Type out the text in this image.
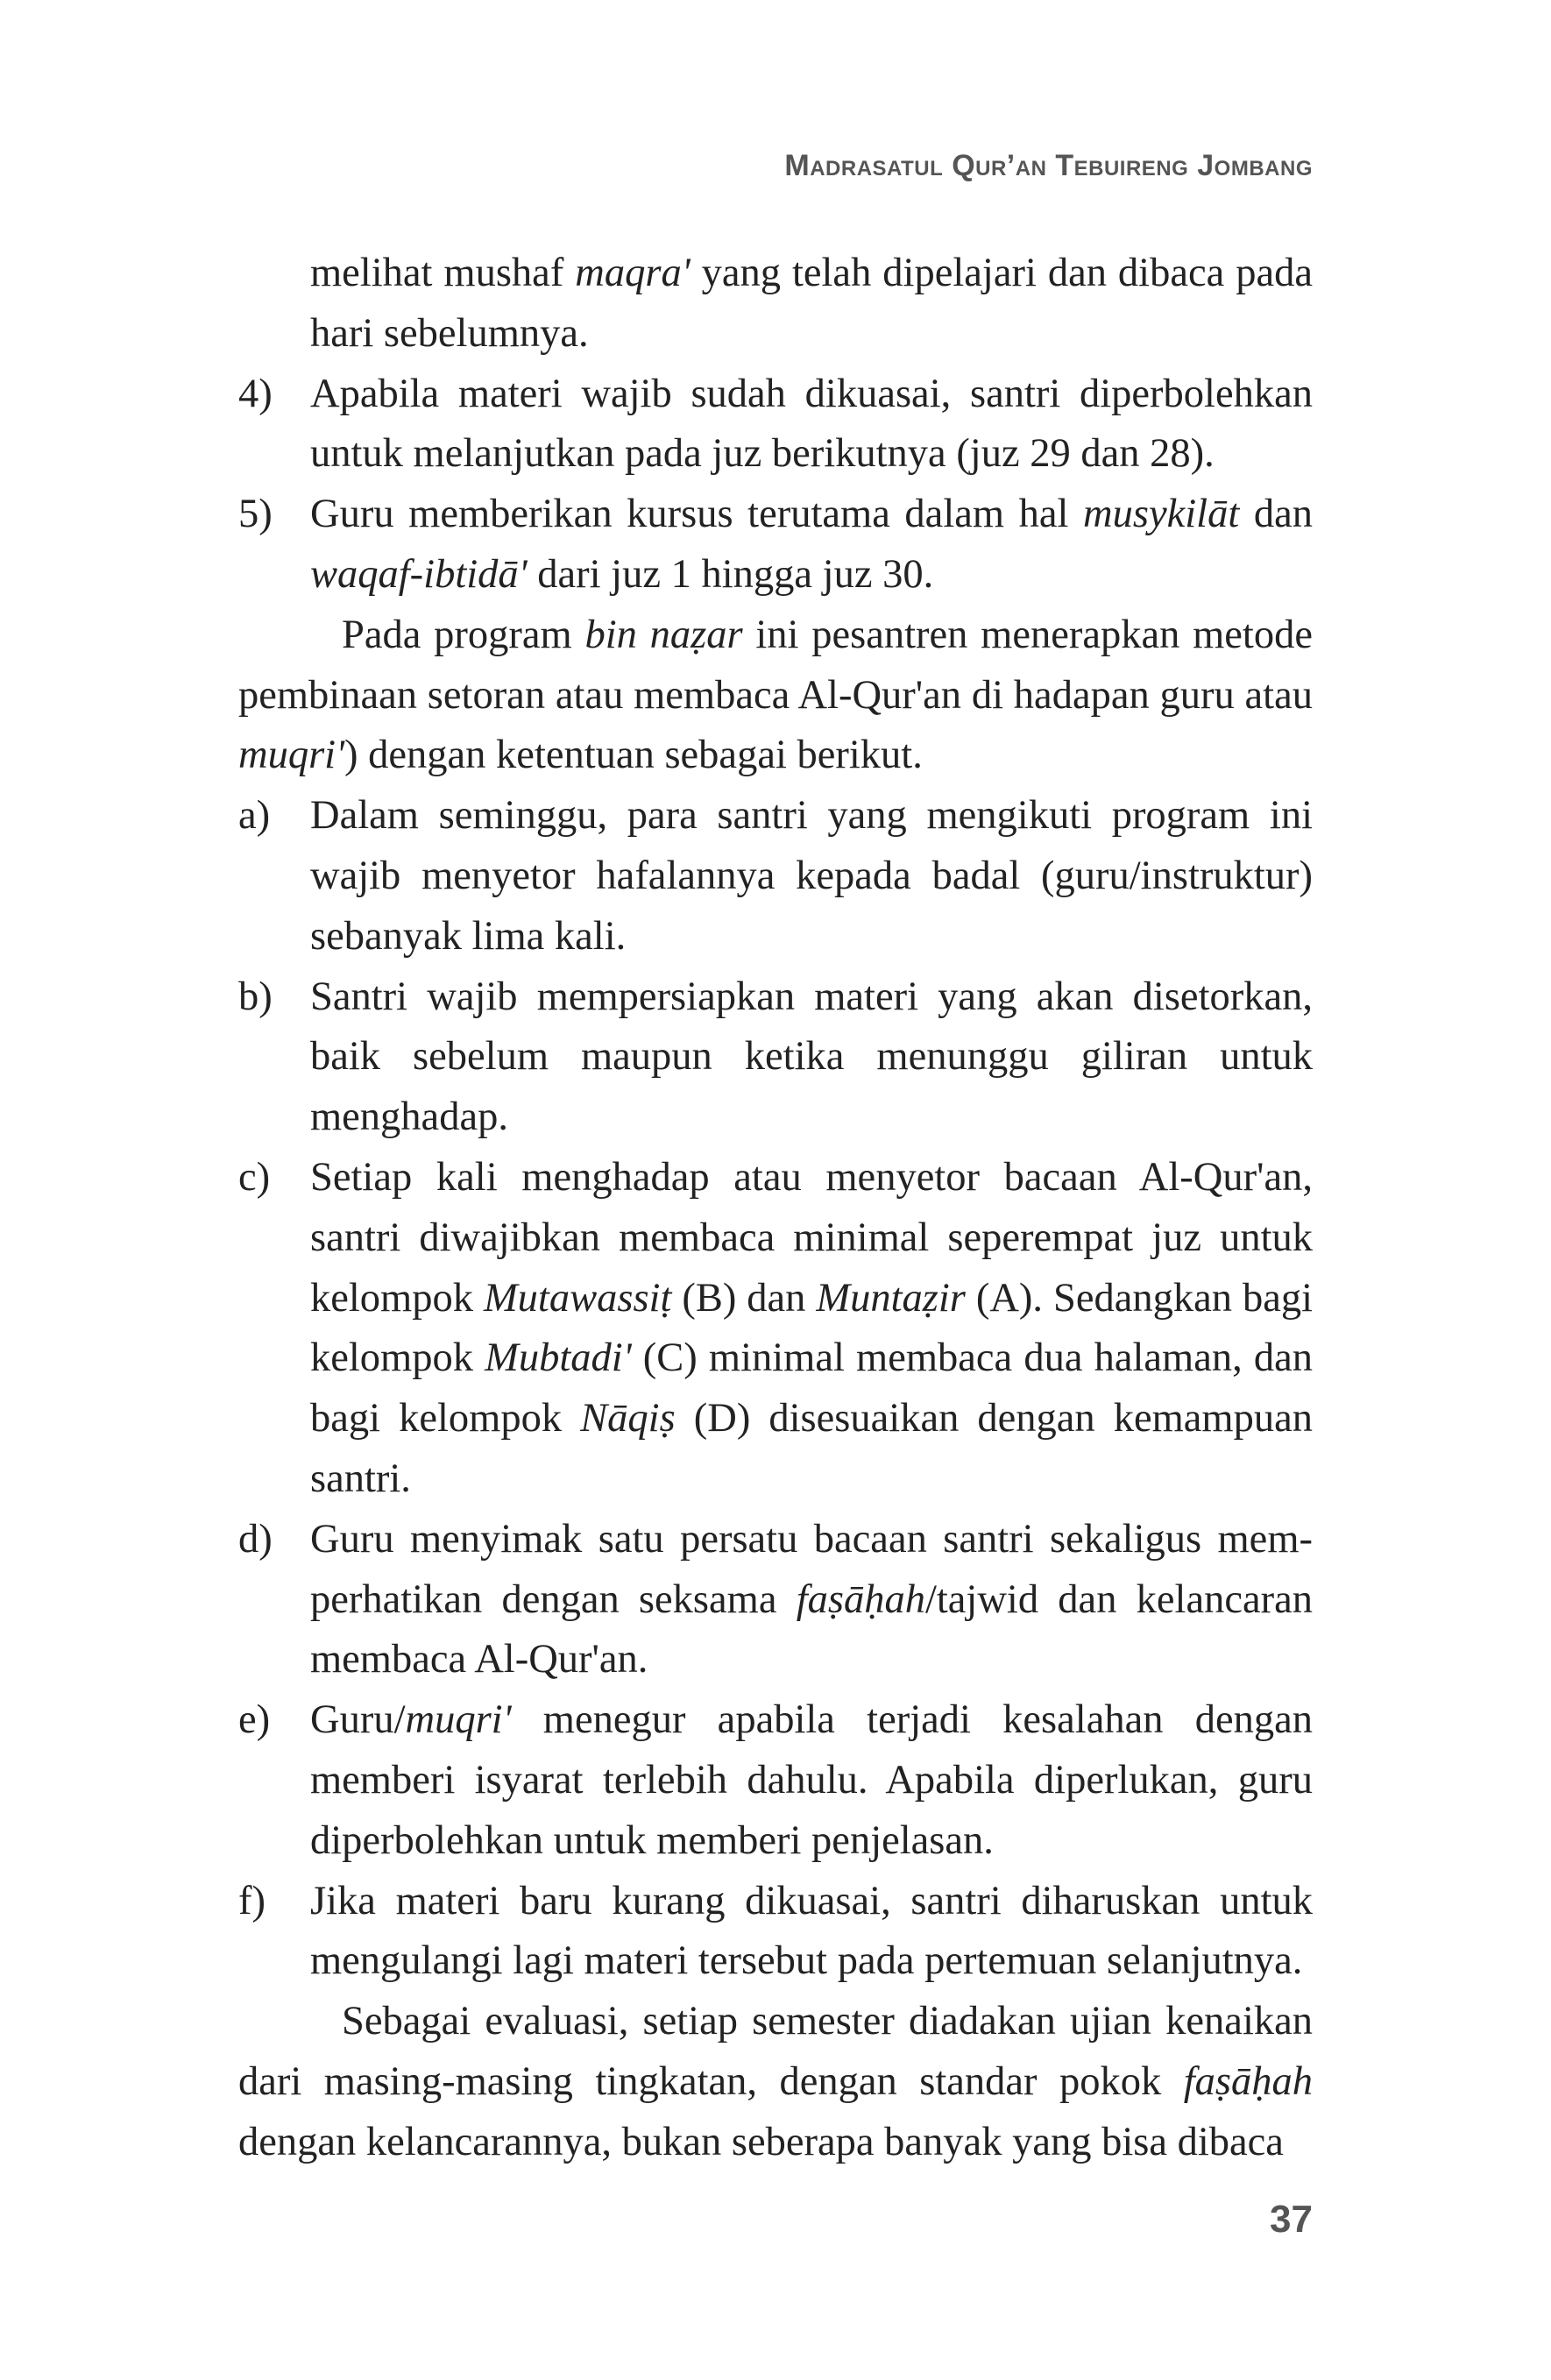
Madrasatul Qur’an Tebuireng Jombang

melihat mushaf maqra' yang telah dipelajari dan dibaca pada hari sebelumnya.

4) Apabila materi wajib sudah dikuasai, santri diperbolehkan untuk melanjutkan pada juz berikutnya (juz 29 dan 28).
5) Guru memberikan kursus terutama dalam hal musykilāt dan waqaf-ibtidā' dari juz 1 hingga juz 30.

Pada program bin naẓar ini pesantren menerapkan metode pembinaan setoran atau membaca Al-Qur'an di hadapan guru atau muqri') dengan ketentuan sebagai berikut.

a) Dalam seminggu, para santri yang mengikuti program ini wajib menyetor hafalannya kepada badal (guru/instruktur) sebanyak lima kali.
b) Santri wajib mempersiapkan materi yang akan disetorkan, baik sebelum maupun ketika menunggu giliran untuk menghadap.
c) Setiap kali menghadap atau menyetor bacaan Al-Qur'an, santri diwajibkan membaca minimal seperempat juz untuk kelompok Mutawassiṭ (B) dan Muntaẓir (A). Sedangkan bagi kelompok Mubtadi' (C) minimal membaca dua halaman, dan bagi kelompok Nāqiṣ (D) disesuaikan dengan kemampuan santri.
d) Guru menyimak satu persatu bacaan santri sekaligus memperhatikan dengan seksama faṣāḥah/tajwid dan kelancaran membaca Al-Qur'an.
e) Guru/muqri' menegur apabila terjadi kesalahan dengan memberi isyarat terlebih dahulu. Apabila diperlukan, guru diperbolehkan untuk memberi penjelasan.
f)	Jika materi baru kurang dikuasai, santri diharuskan untuk mengulangi lagi materi tersebut pada pertemuan selanjutnya.

Sebagai evaluasi, setiap semester diadakan ujian kenaikan dari masing-masing tingkatan, dengan standar pokok faṣāḥah dengan kelancarannya, bukan seberapa banyak yang bisa dibaca

37
